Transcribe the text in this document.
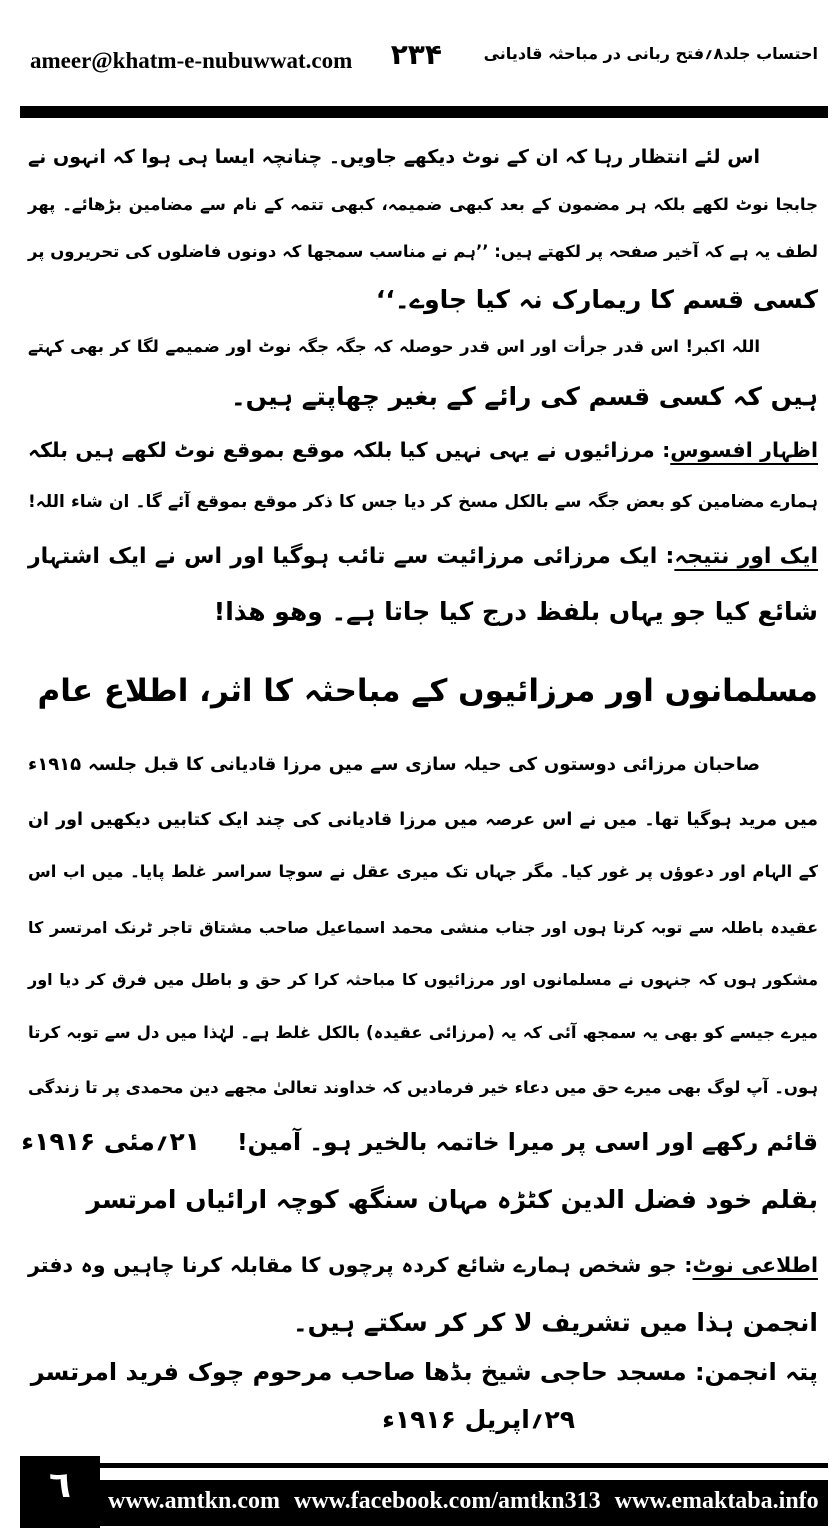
ameer@khatm-e-nubuwwat.com	۲۳۴	احتساب جلد۸؍فتح ربانی در مباحثہ قادیانی
اس لئے انتظار رہا کہ ان کے نوٹ دیکھے جاویں۔ چنانچہ ایسا ہی ہوا کہ انہوں نے
جابجا نوٹ لکھے بلکہ ہر مضمون کے بعد کبھی ضمیمہ، کبھی تتمہ کے نام سے مضامین بڑھائے۔ پھر
لطف یہ ہے کہ آخیر صفحہ پر لکھتے ہیں: ’’ہم نے مناسب سمجھا کہ دونوں فاضلوں کی تحریروں پر
کسی قسم کا ریمارک نہ کیا جاوے۔‘‘
اللہ اکبر! اس قدر جرأت اور اس قدر حوصلہ کہ جگہ جگہ نوٹ اور ضمیمے لگا کر بھی کہتے
ہیں کہ کسی قسم کی رائے کے بغیر چھاپتے ہیں۔
اظہار افسوس: مرزائیوں نے یہی نہیں کیا بلکہ موقع بموقع نوٹ لکھے ہیں بلکہ
ہمارے مضامین کو بعض جگہ سے بالکل مسخ کر دیا جس کا ذکر موقع بموقع آئے گا۔ ان شاء اللہ!
ایک اور نتیجہ: ایک مرزائی مرزائیت سے تائب ہوگیا اور اس نے ایک اشتہار
شائع کیا جو یہاں بلفظ درج کیا جاتا ہے۔ وھو ھذا!
مسلمانوں اور مرزائیوں کے مباحثہ کا اثر، اطلاع عام
صاحبان مرزائی دوستوں کی حیلہ سازی سے میں مرزا قادیانی کا قبل جلسہ ۱۹۱۵ء
میں مرید ہوگیا تھا۔ میں نے اس عرصہ میں مرزا قادیانی کی چند ایک کتابیں دیکھیں اور ان
کے الہام اور دعوؤں پر غور کیا۔ مگر جہاں تک میری عقل نے سوچا سراسر غلط پایا۔ میں اب اس
عقیدہ باطلہ سے توبہ کرتا ہوں اور جناب منشی محمد اسماعیل صاحب مشتاق تاجر ٹرنک امرتسر کا
مشکور ہوں کہ جنہوں نے مسلمانوں اور مرزائیوں کا مباحثہ کرا کر حق و باطل میں فرق کر دیا اور
میرے جیسے کو بھی یہ سمجھ آئی کہ یہ (مرزائی عقیدہ) بالکل غلط ہے۔ لہٰذا میں دل سے توبہ کرتا
ہوں۔ آپ لوگ بھی میرے حق میں دعاء خیر فرمادیں کہ خداوند تعالیٰ مجھے دین محمدی پر تا زندگی
قائم رکھے اور اسی پر میرا خاتمہ بالخیر ہو۔ آمین!
۲۱؍مئی ۱۹۱۶ء
بقلم خود فضل الدین کٹڑہ مہان سنگھ کوچہ ارائیاں امرتسر
اطلاعی نوٹ: جو شخص ہمارے شائع کردہ پرچوں کا مقابلہ کرنا چاہیں وہ دفتر
انجمن ہذا میں تشریف لا کر کر سکتے ہیں۔
پتہ انجمن: مسجد حاجی شیخ بڈھا صاحب مرحوم چوک فرید امرتسر
۲۹؍اپریل ۱۹۱۶ء
٦	www.amtkn.com www.facebook.com/amtkn313 www.emaktaba.info
